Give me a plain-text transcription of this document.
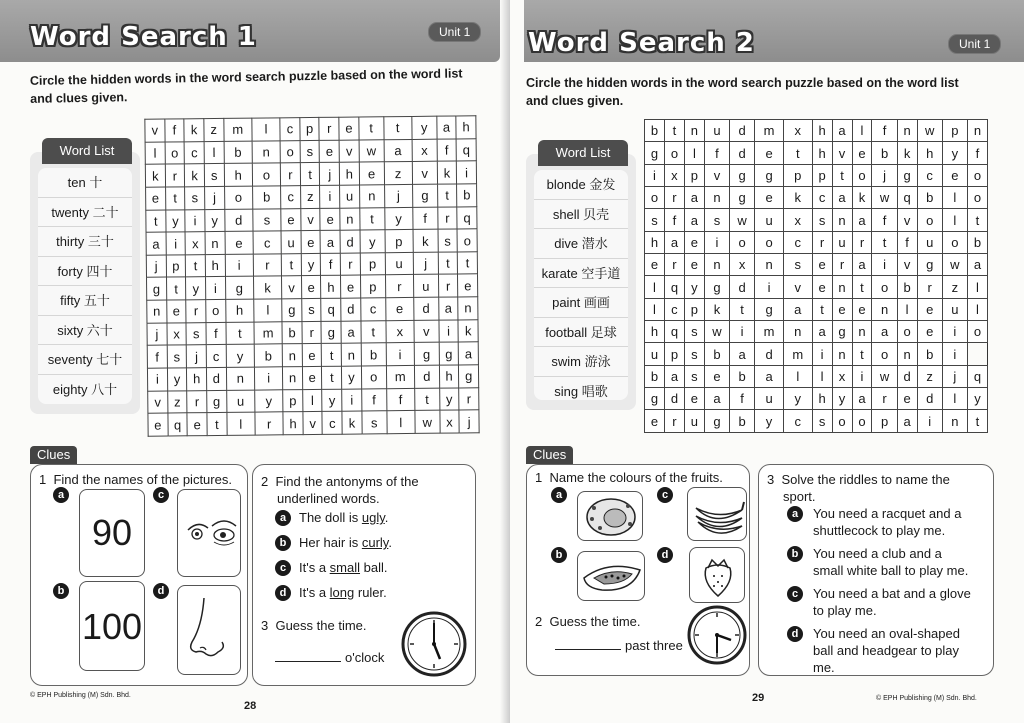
Word Search 1	Unit 1
Circle the hidden words in the word search puzzle based on the word list
and clues given.
Word List
ten 十
twenty 二十
thirty 三十
forty 四十
fifty 五十
sixty 六十
seventy 七十
eighty 八十
v	f	k	z	m	l	c	p	r	e	t	t	y	a	h
l	o	c	l	b	n	o	s	e	v	w	a	x	f	q
k	r	k	s	h	o	r	t	j	h	e	z	v	k	i
e	t	s	j	o	b	c	z	i	u	n	j	g	t	b
t	y	i	y	d	s	e	v	e	n	t	y	f	r	q
a	i	x	n	e	c	u	e	a	d	y	p	k	s	o
j	p	t	h	i	r	t	y	f	r	p	u	j	t	t
g	t	y	i	g	k	v	e	h	e	p	r	u	r	e
n	e	r	o	h	l	g	s	q	d	c	e	d	a	n
j	x	s	f	t	m	b	r	g	a	t	x	v	i	k
f	s	j	c	y	b	n	e	t	n	b	i	g	g	a
i	y	h	d	n	i	n	e	t	y	o	m	d	h	g
v	z	r	g	u	y	p	l	y	i	f	f	t	y	r
e	q	e	t	l	r	h	v	c	k	s	l	w	x	j
Clues
1 Find the names of the pictures.
a	c
90
b	d
100
2 Find the antonyms of the
underlined words.
a The doll is ugly.
b Her hair is curly.
c It's a small ball.
d It's a long ruler.
3 Guess the time.
o'clock
© EPH Publishing (M) Sdn. Bhd.
28
Word Search 2	Unit 1
Circle the hidden words in the word search puzzle based on the word list
and clues given.
Word List
blonde 金发
shell 贝壳
dive 潜水
karate 空手道
paint 画画
football 足球
swim 游泳
sing 唱歌
b	t	n	u	d	m	x	h	a	l	f	n	w	p	n
g	o	l	f	d	e	t	h	v	e	b	k	h	y	f
i	x	p	v	g	g	p	p	t	o	j	g	c	e	o
o	r	a	n	g	e	k	c	a	k	w	q	b	l	o
s	f	a	s	w	u	x	s	n	a	f	v	o	l	t
h	a	e	i	o	o	c	r	u	r	t	f	u	o	b
e	r	e	n	x	n	s	e	r	a	i	v	g	w	a
l	q	y	g	d	i	v	e	n	t	o	b	r	z	l
l	c	p	k	t	g	a	t	e	e	n	l	e	u	l
h	q	s	w	i	m	n	a	g	n	a	o	e	i	o
u	p	s	b	a	d	m	i	n	t	o	n	b	i	
b	a	s	e	b	a	l	l	x	i	w	d	z	j	q
g	d	e	a	f	u	y	h	y	a	r	e	d	l	y
e	r	u	g	b	y	c	s	o	o	p	a	i	n	t
Clues
1 Name the colours of the fruits.
a	c
b	d
2 Guess the time.
past three
3 Solve the riddles to name the
sport.
a	You need a racquet and a
shuttlecock to play me.
b	You need a club and a
small white ball to play me.
c	You need a bat and a glove
to play me.
d	You need an oval-shaped
ball and headgear to play
me.
29	© EPH Publishing (M) Sdn. Bhd.
